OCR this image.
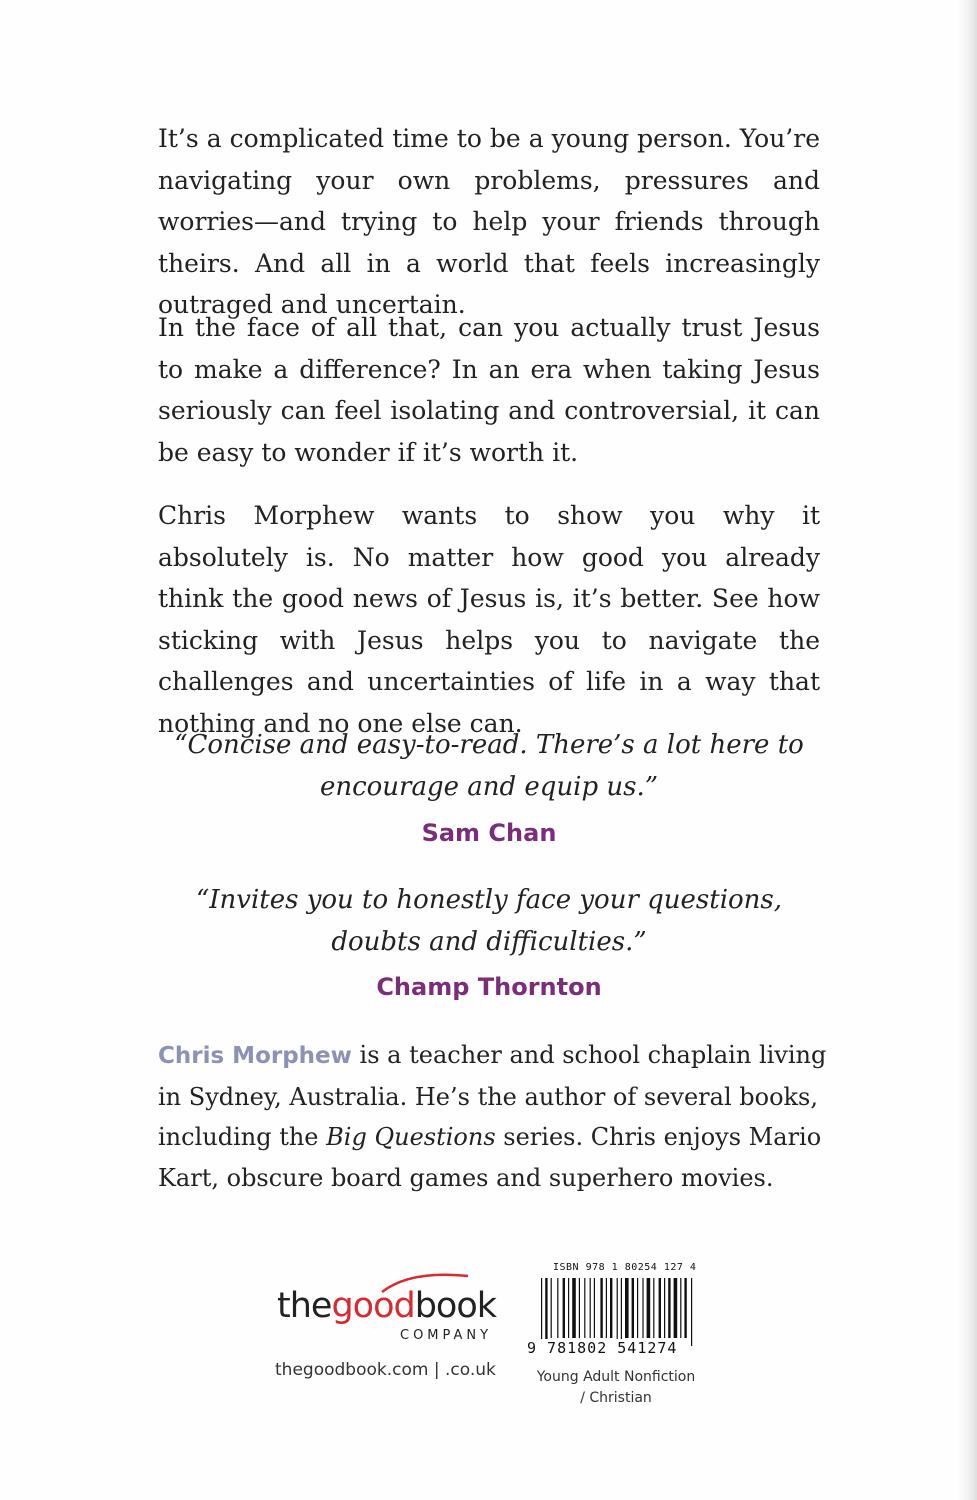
It’s a complicated time to be a young person. You’re navigating your own problems, pressures and worries—and trying to help your friends through theirs. And all in a world that feels increasingly outraged and uncertain.

In the face of all that, can you actually trust Jesus to make a difference? In an era when taking Jesus seriously can feel isolating and controversial, it can be easy to wonder if it’s worth it.

Chris Morphew wants to show you why it absolutely is. No matter how good you already think the good news of Jesus is, it’s better. See how sticking with Jesus helps you to navigate the challenges and uncertainties of life in a way that nothing and no one else can.

“Concise and easy-to-read. There’s a lot here to encourage and equip us.”

Sam Chan

“Invites you to honestly face your questions, doubts and difficulties.”

Champ Thornton

Chris Morphew is a teacher and school chaplain living in Sydney, Australia. He’s the author of several books, including the Big Questions series. Chris enjoys Mario Kart, obscure board games and superhero movies.

thegoodbook
COMPANY
thegoodbook.com | .co.uk
ISBN 978 1 80254 127 4
9 781802 541274
Young Adult Nonfiction
/ Christian
